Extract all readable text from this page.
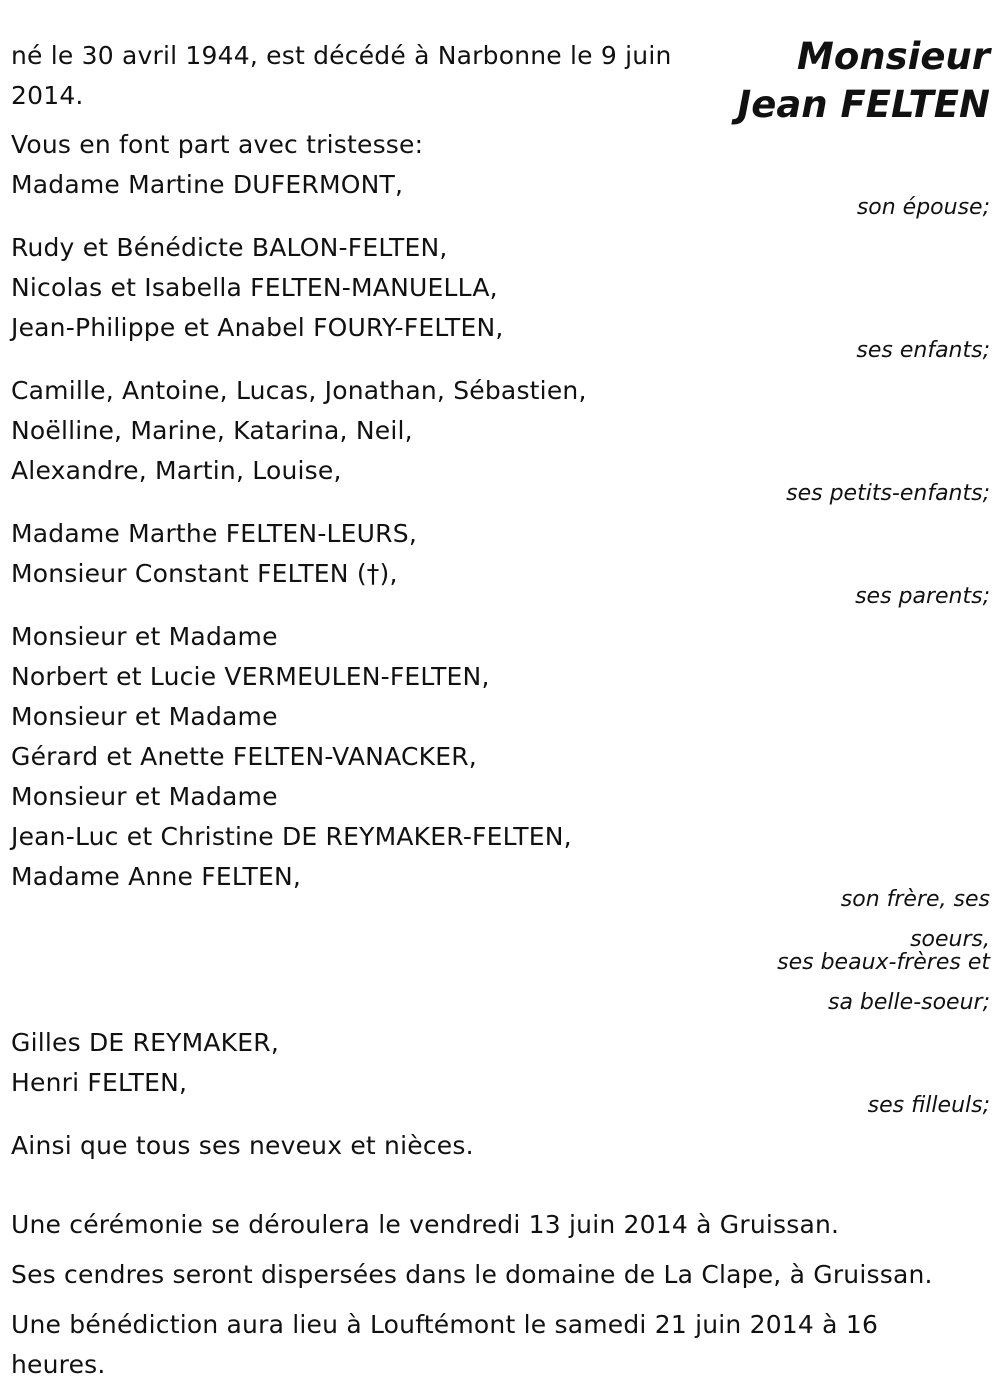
Monsieur
Jean FELTEN
né le 30 avril 1944, est décédé à Narbonne le 9 juin
2014.
Vous en font part avec tristesse:
Madame Martine DUFERMONT,
son épouse;
Rudy et Bénédicte BALON-FELTEN,
Nicolas et Isabella FELTEN-MANUELLA,
Jean-Philippe et Anabel FOURY-FELTEN,
ses enfants;
Camille, Antoine, Lucas, Jonathan, Sébastien,
Noëlline, Marine, Katarina, Neil,
Alexandre, Martin, Louise,
ses petits-enfants;
Madame Marthe FELTEN-LEURS,
Monsieur Constant FELTEN (†),
ses parents;
Monsieur et Madame
Norbert et Lucie VERMEULEN-FELTEN,
Monsieur et Madame
Gérard et Anette FELTEN-VANACKER,
Monsieur et Madame
Jean-Luc et Christine DE REYMAKER-FELTEN,
Madame Anne FELTEN,
son frère, ses
soeurs,
ses beaux-frères et
sa belle-soeur;
Gilles DE REYMAKER,
Henri FELTEN,
ses filleuls;
Ainsi que tous ses neveux et nièces.
Une cérémonie se déroulera le vendredi 13 juin 2014 à Gruissan.
Ses cendres seront dispersées dans le domaine de La Clape, à Gruissan.
Une bénédiction aura lieu à Louftémont le samedi 21 juin 2014 à 16
heures.
